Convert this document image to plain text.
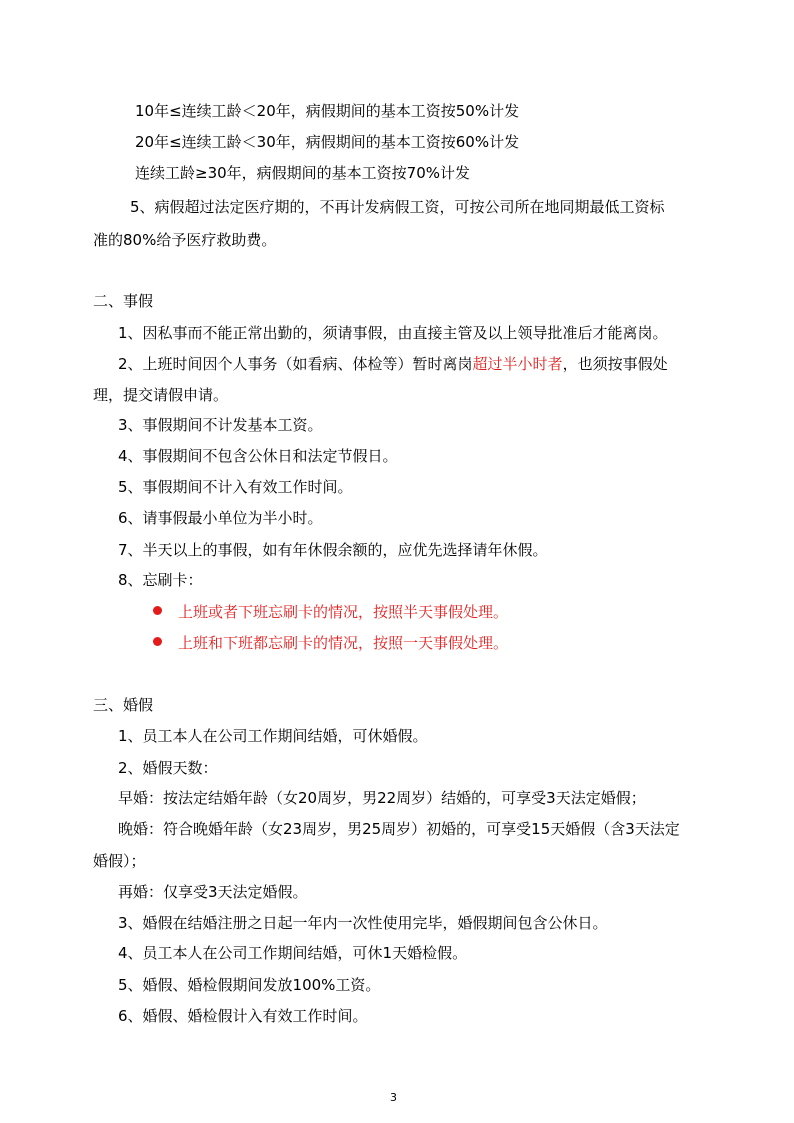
10年≤连续工龄＜20年，病假期间的基本工资按50%计发
20年≤连续工龄＜30年，病假期间的基本工资按60%计发
连续工龄≥30年，病假期间的基本工资按70%计发
5、病假超过法定医疗期的，不再计发病假工资，可按公司所在地同期最低工资标
准的80%给予医疗救助费。
二、事假
1、因私事而不能正常出勤的，须请事假，由直接主管及以上领导批准后才能离岗。
2、上班时间因个人事务（如看病、体检等）暂时离岗超过半小时者，也须按事假处
理，提交请假申请。
3、事假期间不计发基本工资。
4、事假期间不包含公休日和法定节假日。
5、事假期间不计入有效工作时间。
6、请事假最小单位为半小时。
7、半天以上的事假，如有年休假余额的，应优先选择请年休假。
8、忘刷卡：
上班或者下班忘刷卡的情况，按照半天事假处理。
上班和下班都忘刷卡的情况，按照一天事假处理。
三、婚假
1、员工本人在公司工作期间结婚，可休婚假。
2、婚假天数：
早婚：按法定结婚年龄（女20周岁，男22周岁）结婚的，可享受3天法定婚假；
晚婚：符合晚婚年龄（女23周岁，男25周岁）初婚的，可享受15天婚假（含3天法定
婚假）；
再婚：仅享受3天法定婚假。
3、婚假在结婚注册之日起一年内一次性使用完毕，婚假期间包含公休日。
4、员工本人在公司工作期间结婚，可休1天婚检假。
5、婚假、婚检假期间发放100%工资。
6、婚假、婚检假计入有效工作时间。
3
